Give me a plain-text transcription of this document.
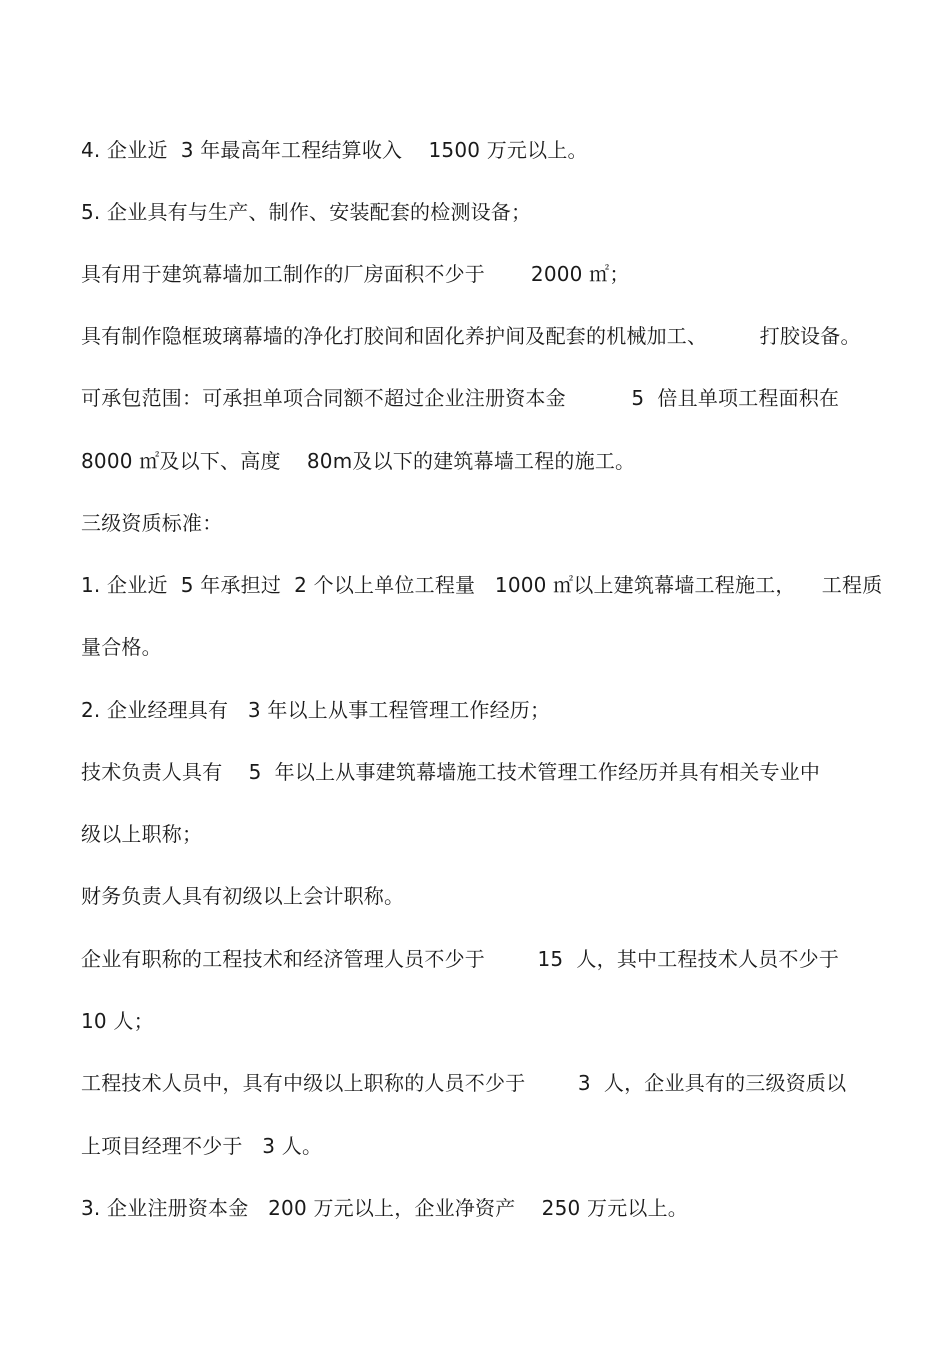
4. 企业近  3 年最高年工程结算收入    1500 万元以上。
5. 企业具有与生产、制作、安装配套的检测设备；
具有用于建筑幕墙加工制作的厂房面积不少于       2000 ㎡；
具有制作隐框玻璃幕墙的净化打胶间和固化养护间及配套的机械加工、        打胶设备。
可承包范围：可承担单项合同额不超过企业注册资本金          5  倍且单项工程面积在
8000 ㎡及以下、高度    80m及以下的建筑幕墙工程的施工。
三级资质标准：
1. 企业近  5 年承担过  2 个以上单位工程量   1000 ㎡以上建筑幕墙工程施工，    工程质
量合格。
2. 企业经理具有   3 年以上从事工程管理工作经历；
技术负责人具有    5  年以上从事建筑幕墙施工技术管理工作经历并具有相关专业中
级以上职称；
财务负责人具有初级以上会计职称。
企业有职称的工程技术和经济管理人员不少于        15  人，其中工程技术人员不少于
10 人；
工程技术人员中，具有中级以上职称的人员不少于        3  人，企业具有的三级资质以
上项目经理不少于   3 人。
3. 企业注册资本金   200 万元以上，企业净资产    250 万元以上。
